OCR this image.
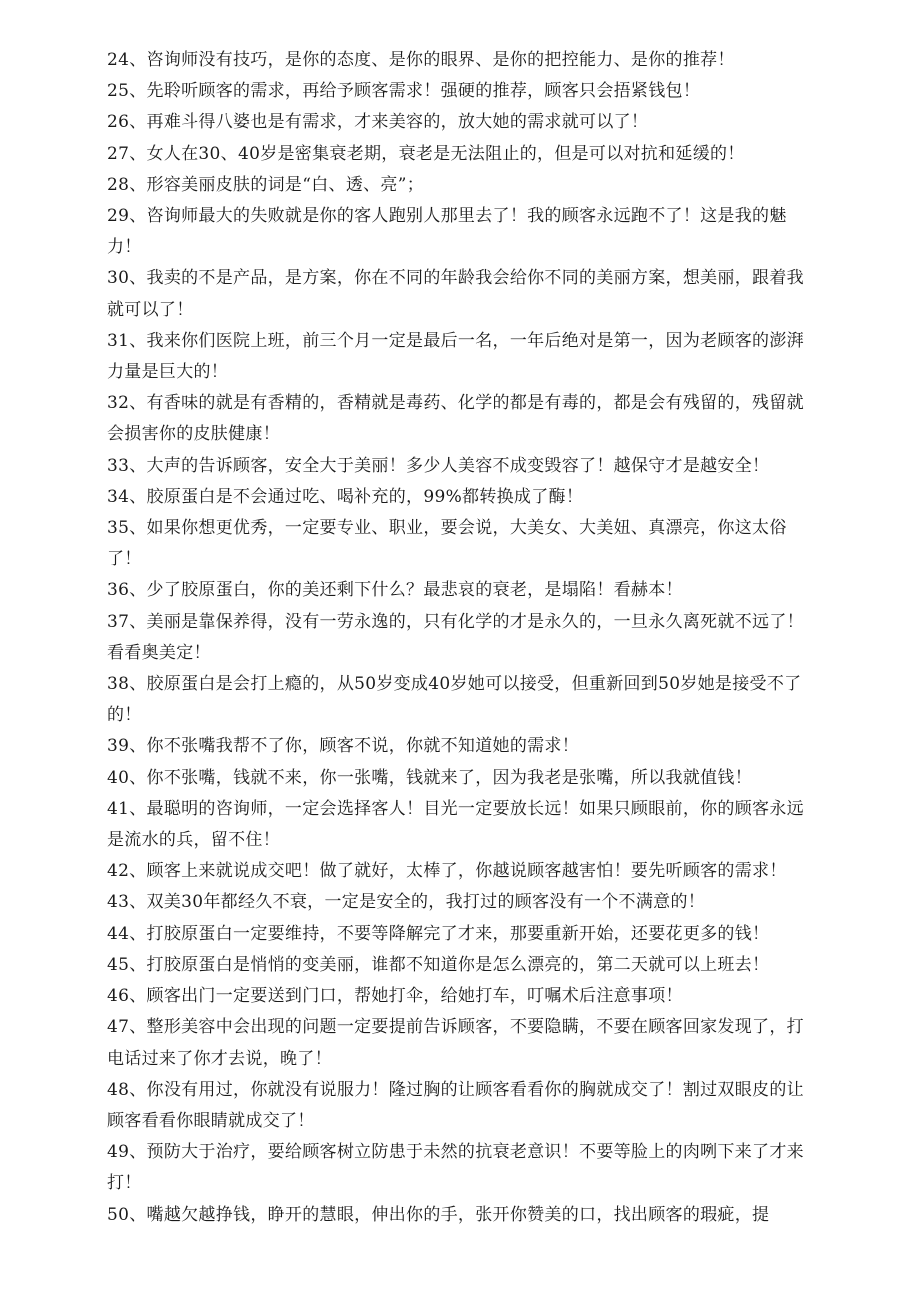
24、咨询师没有技巧，是你的态度、是你的眼界、是你的把控能力、是你的推荐！

25、先聆听顾客的需求，再给予顾客需求！强硬的推荐，顾客只会捂紧钱包！

26、再难斗得八婆也是有需求，才来美容的，放大她的需求就可以了！

27、女人在30、40岁是密集衰老期，衰老是无法阻止的，但是可以对抗和延缓的！

28、形容美丽皮肤的词是“白、透、亮”；

29、咨询师最大的失败就是你的客人跑别人那里去了！我的顾客永远跑不了！这是我的魅力！

30、我卖的不是产品，是方案，你在不同的年龄我会给你不同的美丽方案，想美丽，跟着我就可以了！

31、我来你们医院上班，前三个月一定是最后一名，一年后绝对是第一，因为老顾客的澎湃力量是巨大的！

32、有香味的就是有香精的，香精就是毒药、化学的都是有毒的，都是会有残留的，残留就会损害你的皮肤健康！

33、大声的告诉顾客，安全大于美丽！多少人美容不成变毁容了！越保守才是越安全！

34、胶原蛋白是不会通过吃、喝补充的，99%都转换成了酶！

35、如果你想更优秀，一定要专业、职业，要会说，大美女、大美妞、真漂亮，你这太俗了！

36、少了胶原蛋白，你的美还剩下什么？最悲哀的衰老，是塌陷！看赫本！

37、美丽是靠保养得，没有一劳永逸的，只有化学的才是永久的，一旦永久离死就不远了！看看奥美定！

38、胶原蛋白是会打上瘾的，从50岁变成40岁她可以接受，但重新回到50岁她是接受不了的！

39、你不张嘴我帮不了你，顾客不说，你就不知道她的需求！

40、你不张嘴，钱就不来，你一张嘴，钱就来了，因为我老是张嘴，所以我就值钱！

41、最聪明的咨询师，一定会选择客人！目光一定要放长远！如果只顾眼前，你的顾客永远是流水的兵，留不住！

42、顾客上来就说成交吧！做了就好，太棒了，你越说顾客越害怕！要先听顾客的需求！

43、双美30年都经久不衰，一定是安全的，我打过的顾客没有一个不满意的！

44、打胶原蛋白一定要维持，不要等降解完了才来，那要重新开始，还要花更多的钱！

45、打胶原蛋白是悄悄的变美丽，谁都不知道你是怎么漂亮的，第二天就可以上班去！

46、顾客出门一定要送到门口，帮她打伞，给她打车，叮嘱术后注意事项！

47、整形美容中会出现的问题一定要提前告诉顾客，不要隐瞒，不要在顾客回家发现了，打电话过来了你才去说，晚了！

48、你没有用过，你就没有说服力！隆过胸的让顾客看看你的胸就成交了！割过双眼皮的让顾客看看你眼睛就成交了！

49、预防大于治疗，要给顾客树立防患于未然的抗衰老意识！不要等脸上的肉咧下来了才来打！

50、嘴越欠越挣钱，睁开的慧眼，伸出你的手，张开你赞美的口，找出顾客的瑕疵，提
